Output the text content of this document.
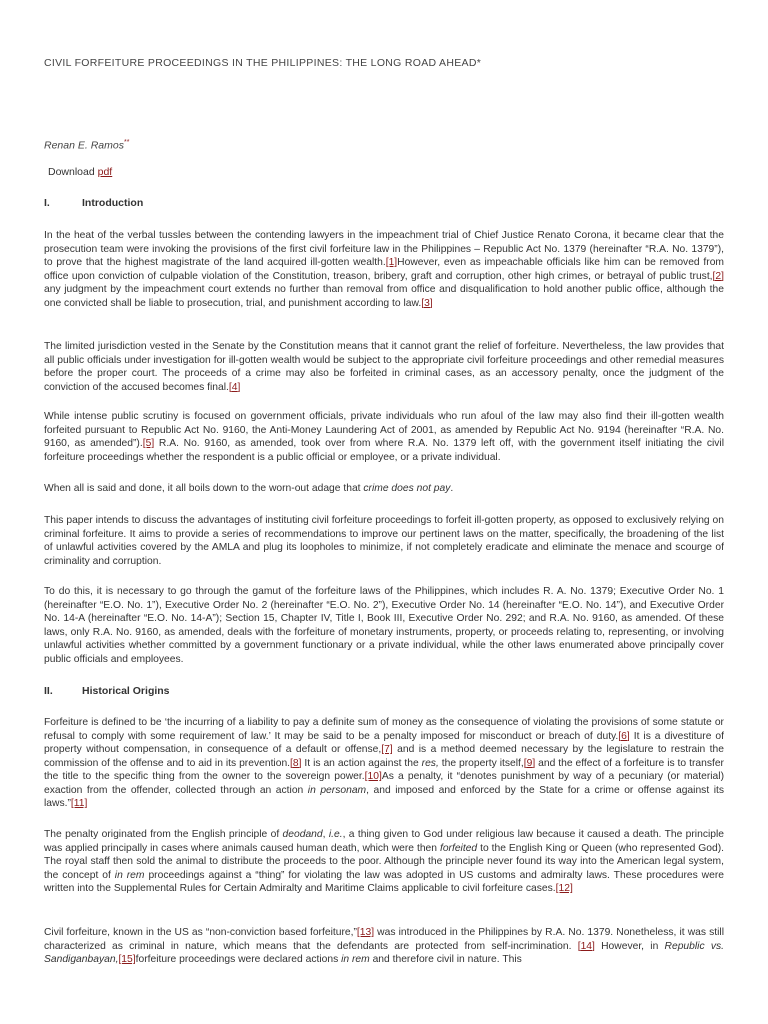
CIVIL FORFEITURE PROCEEDINGS IN THE PHILIPPINES: THE LONG ROAD AHEAD*
Renan E. Ramos**
Download pdf
I.	Introduction
In the heat of the verbal tussles between the contending lawyers in the impeachment trial of Chief Justice Renato Corona, it became clear that the prosecution team were invoking the provisions of the first civil forfeiture law in the Philippines – Republic Act No. 1379 (hereinafter “R.A. No. 1379”), to prove that the highest magistrate of the land acquired ill-gotten wealth.[1]However, even as impeachable officials like him can be removed from office upon conviction of culpable violation of the Constitution, treason, bribery, graft and corruption, other high crimes, or betrayal of public trust,[2] any judgment by the impeachment court extends no further than removal from office and disqualification to hold another public office, although the one convicted shall be liable to prosecution, trial, and punishment according to law.[3]
The limited jurisdiction vested in the Senate by the Constitution means that it cannot grant the relief of forfeiture. Nevertheless, the law provides that all public officials under investigation for ill-gotten wealth would be subject to the appropriate civil forfeiture proceedings and other remedial measures before the proper court. The proceeds of a crime may also be forfeited in criminal cases, as an accessory penalty, once the judgment of the conviction of the accused becomes final.[4]
While intense public scrutiny is focused on government officials, private individuals who run afoul of the law may also find their ill-gotten wealth forfeited pursuant to Republic Act No. 9160, the Anti-Money Laundering Act of 2001, as amended by Republic Act No. 9194 (hereinafter “R.A. No. 9160, as amended”).[5] R.A. No. 9160, as amended, took over from where R.A. No. 1379 left off, with the government itself initiating the civil forfeiture proceedings whether the respondent is a public official or employee, or a private individual.
When all is said and done, it all boils down to the worn-out adage that crime does not pay.
This paper intends to discuss the advantages of instituting civil forfeiture proceedings to forfeit ill-gotten property, as opposed to exclusively relying on criminal forfeiture. It aims to provide a series of recommendations to improve our pertinent laws on the matter, specifically, the broadening of the list of unlawful activities covered by the AMLA and plug its loopholes to minimize, if not completely eradicate and eliminate the menace and scourge of criminality and corruption.
To do this, it is necessary to go through the gamut of the forfeiture laws of the Philippines, which includes R. A. No. 1379; Executive Order No. 1 (hereinafter “E.O. No. 1”), Executive Order No. 2 (hereinafter “E.O. No. 2”), Executive Order No. 14 (hereinafter “E.O. No. 14”), and Executive Order No. 14-A (hereinafter “E.O. No. 14-A”); Section 15, Chapter IV, Title I, Book III, Executive Order No. 292; and R.A. No. 9160, as amended. Of these laws, only R.A. No. 9160, as amended, deals with the forfeiture of monetary instruments, property, or proceeds relating to, representing, or involving unlawful activities whether committed by a government functionary or a private individual, while the other laws enumerated above principally cover public officials and employees.
II.	Historical Origins
Forfeiture is defined to be ‘the incurring of a liability to pay a definite sum of money as the consequence of violating the provisions of some statute or refusal to comply with some requirement of law.’ It may be said to be a penalty imposed for misconduct or breach of duty.[6] It is a divestiture of property without compensation, in consequence of a default or offense,[7] and is a method deemed necessary by the legislature to restrain the commission of the offense and to aid in its prevention.[8] It is an action against the res, the property itself,[9] and the effect of a forfeiture is to transfer the title to the specific thing from the owner to the sovereign power.[10]As a penalty, it “denotes punishment by way of a pecuniary (or material) exaction from the offender, collected through an action in personam, and imposed and enforced by the State for a crime or offense against its laws.”[11]
The penalty originated from the English principle of deodand, i.e., a thing given to God under religious law because it caused a death. The principle was applied principally in cases where animals caused human death, which were then forfeited to the English King or Queen (who represented God). The royal staff then sold the animal to distribute the proceeds to the poor. Although the principle never found its way into the American legal system, the concept of in rem proceedings against a “thing” for violating the law was adopted in US customs and admiralty laws. These procedures were written into the Supplemental Rules for Certain Admiralty and Maritime Claims applicable to civil forfeiture cases.[12]
Civil forfeiture, known in the US as “non-conviction based forfeiture,”[13] was introduced in the Philippines by R.A. No. 1379. Nonetheless, it was still characterized as criminal in nature, which means that the defendants are protected from self-incrimination. [14] However, in Republic vs. Sandiganbayan,[15]forfeiture proceedings were declared actions in rem and therefore civil in nature. This
